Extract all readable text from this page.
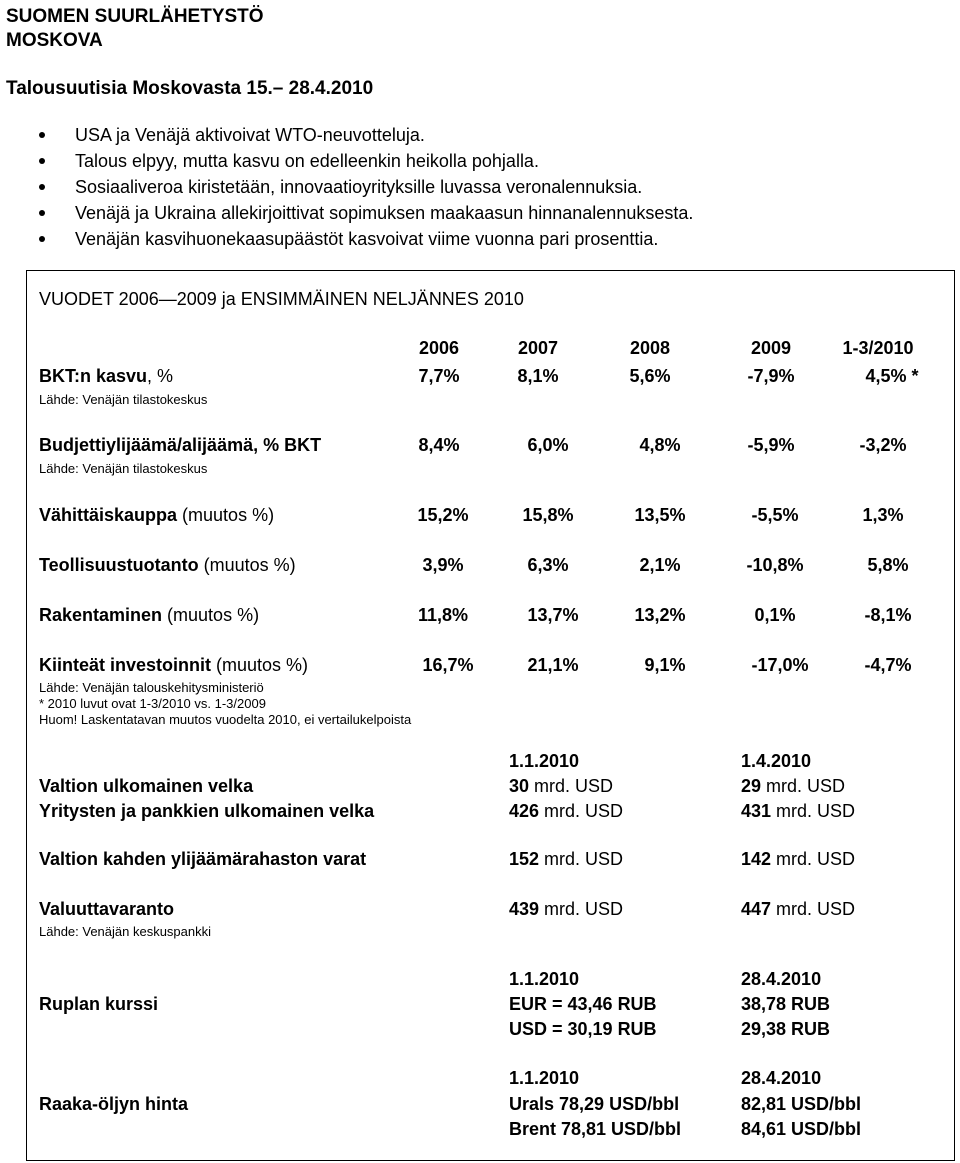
SUOMEN SUURLÄHETYSTÖ
MOSKOVA
Talousuutisia Moskovasta 15.– 28.4.2010
USA ja Venäjä aktivoivat WTO-neuvotteluja.
Talous elpyy, mutta kasvu on edelleenkin heikolla pohjalla.
Sosiaaliveroa kiristetään, innovaatioyrityksille luvassa veronalennuksia.
Venäjä ja Ukraina allekirjoittivat sopimuksen maakaasun hinnanalennuksesta.
Venäjän kasvihuonekaasupäästöt kasvoivat viime vuonna pari prosenttia.
VUODET 2006—2009 ja ENSIMMÄINEN NELJÄNNES 2010
2006	2007	2008	2009	1-3/2010
BKT:n kasvu, %	7,7%	8,1%	5,6%	-7,9%	4,5% *
Lähde: Venäjän tilastokeskus
Budjettiylijäämä/alijäämä, % BKT	8,4%	6,0%	4,8%	-5,9%	-3,2%
Lähde: Venäjän tilastokeskus
Vähittäiskauppa (muutos %)	15,2%	15,8%	13,5%	-5,5%	1,3%
Teollisuustuotanto (muutos %)	3,9%	6,3%	2,1%	-10,8%	5,8%
Rakentaminen (muutos %)	11,8%	13,7%	13,2%	0,1%	-8,1%
Kiinteät investoinnit (muutos %)	16,7%	21,1%	9,1%	-17,0%	-4,7%
Lähde: Venäjän talouskehitysministeriö
* 2010 luvut ovat 1-3/2010 vs. 1-3/2009
Huom! Laskentatavan muutos vuodelta 2010, ei vertailukelpoista
1.1.2010	1.4.2010
Valtion ulkomainen velka	30 mrd. USD	29 mrd. USD
Yritysten ja pankkien ulkomainen velka	426 mrd. USD	431 mrd. USD
Valtion kahden ylijäämärahaston varat	152 mrd. USD	142 mrd. USD
Valuuttavaranto	439 mrd. USD	447 mrd. USD
Lähde: Venäjän keskuspankki
1.1.2010	28.4.2010
Ruplan kurssi	EUR = 43,46 RUB	38,78 RUB
USD = 30,19 RUB	29,38 RUB
1.1.2010	28.4.2010
Raaka-öljyn hinta	Urals 78,29 USD/bbl	82,81 USD/bbl
Brent 78,81 USD/bbl	84,61 USD/bbl
